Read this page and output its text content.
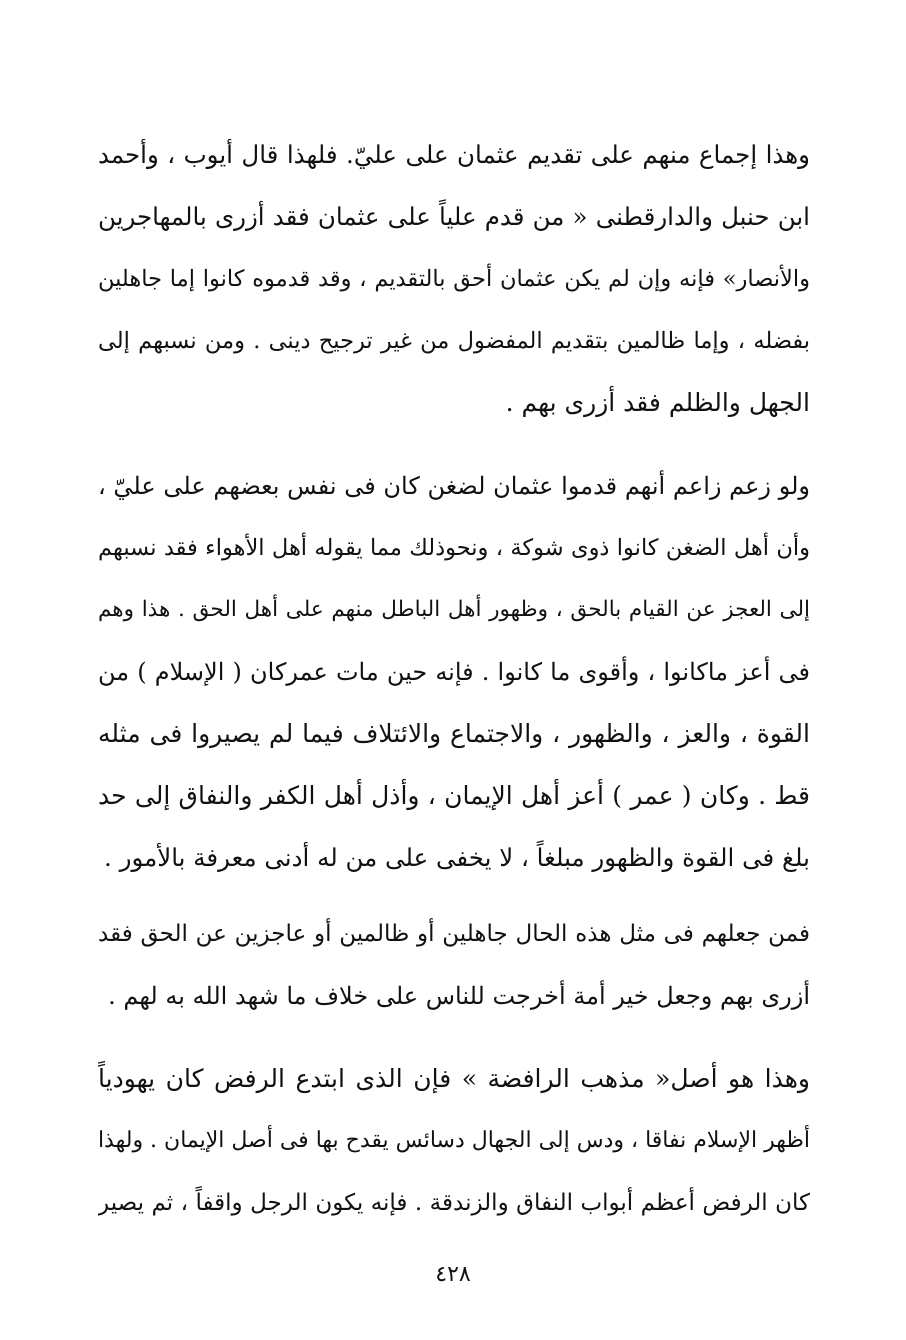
وهذا إجماع منهم على تقديم عثمان على عليّ. فلهذا قال أيوب ، وأحمد
ابن حنبل والدارقطنى « من قدم علياً على عثمان فقد أزرى بالمهاجرين
والأنصار» فإنه وإن لم يكن عثمان أحق بالتقديم ، وقد قدموه كانوا إما جاهلين
بفضله ، وإما ظالمين بتقديم المفضول من غير ترجيح دينى . ومن نسبهم إلى
الجهل والظلم فقد أزرى بهم .
ولو زعم زاعم أنهم قدموا عثمان لضغن كان فى نفس بعضهم على عليّ ،
وأن أهل الضغن كانوا ذوى شوكة ، ونحوذلك مما يقوله أهل الأهواء فقد نسبهم
إلى العجز عن القيام بالحق ، وظهور أهل الباطل منهم على أهل الحق . هذا وهم
فى أعز ماكانوا ، وأقوى ما كانوا . فإنه حين مات عمركان ( الإسلام ) من
القوة ، والعز ، والظهور ، والاجتماع والائتلاف فيما لم يصيروا فى مثله
قط . وكان ( عمر ) أعز أهل الإيمان ، وأذل أهل الكفر والنفاق إلى حد
بلغ فى القوة والظهور مبلغاً ، لا يخفى على من له أدنى معرفة بالأمور .
فمن جعلهم فى مثل هذه الحال جاهلين أو ظالمين أو عاجزين عن الحق فقد
أزرى بهم وجعل خير أمة أخرجت للناس على خلاف ما شهد الله به لهم .
وهذا هو أصل« مذهب الرافضة » فإن الذى ابتدع الرفض كان يهودياً
أظهر الإسلام نفاقا ، ودس إلى الجهال دسائس يقدح بها فى أصل الإيمان . ولهذا
كان الرفض أعظم أبواب النفاق والزندقة . فإنه يكون الرجل واقفاً ، ثم يصير
٤٢٨
